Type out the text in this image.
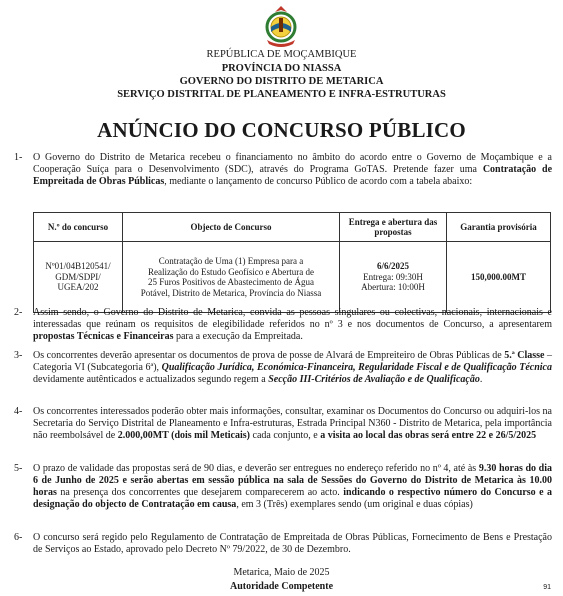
REPÚBLICA DE MOÇAMBIQUE
PROVÍNCIA DO NIASSA
GOVERNO DO DISTRITO DE METARICA
SERVIÇO DISTRITAL DE PLANEAMENTO E INFRA-ESTRUTURAS
ANÚNCIO DO CONCURSO PÚBLICO
1- O Governo do Distrito de Metarica recebeu o financiamento no âmbito do acordo entre o Governo de Moçambique e a Cooperação Suíça para o Desenvolvimento (SDC), através do Programa GoTAS. Pretende fazer uma Contratação de Empreitada de Obras Públicas, mediante o lançamento de concurso Público de acordo com a tabela abaixo:
N.º do concurso	Objecto de Concurso	Entrega e abertura das propostas	Garantia provisória

Nº01/04B120541/
GDM/SDPI/
UGEA/202	Contratação de Uma (1) Empresa para a
Realização do Estudo Geofísico e Abertura de
25 Furos Positivos de Abastecimento de Água
Potável, Distrito de Metarica, Província do Niassa	6/6/2025
Entrega: 09:30H
Abertura: 10:00H	150,000.00MT
2- Assim sendo, o Governo do Distrito de Metarica, convida as pessoas singulares ou colectivas, nacionais, internacionais e interessadas que reúnam os requisitos de elegibilidade referidos no nº 3 e nos documentos de Concurso, a apresentarem propostas Técnicas e Financeiras para a execução da Empreitada.
3- Os concorrentes deverão apresentar os documentos de prova de posse de Alvará de Empreiteiro de Obras Públicas de 5.ª Classe – Categoria VI (Subcategoria 6ª), Qualificação Jurídica, Económica-Financeira, Regularidade Fiscal e de Qualificação Técnica devidamente autênticados e actualizados segundo regem a Secção III-Critérios de Avaliação e de Qualificação.
4- Os concorrentes interessados poderão obter mais informações, consultar, examinar os Documentos do Concurso ou adquiri-los na Secretaria do Serviço Distrital de Planeamento e Infra-estruturas, Estrada Principal N360 - Distrito de Metarica, pela importância não reembolsável de 2.000,00MT (dois mil Meticais) cada conjunto, e a visita ao local das obras será entre 22 e 26/5/2025
5- O prazo de validade das propostas será de 90 dias, e deverão ser entregues no endereço referido no nº 4, até às 9.30 horas do dia 6 de Junho de 2025 e serão abertas em sessão pública na sala de Sessões do Governo do Distrito de Metarica às 10.00 horas na presença dos concorrentes que desejarem comparecerem ao acto. indicando o respectivo número do Concurso e a designação do objecto de Contratação em causa, em 3 (Três) exemplares sendo (um original e duas cópias)
6- O concurso será regido pelo Regulamento de Contratação de Empreitada de Obras Públicas, Fornecimento de Bens e Prestação de Serviços ao Estado, aprovado pelo Decreto Nº 79/2022, de 30 de Dezembro.
Metarica, Maio de 2025
Autoridade Competente	91
